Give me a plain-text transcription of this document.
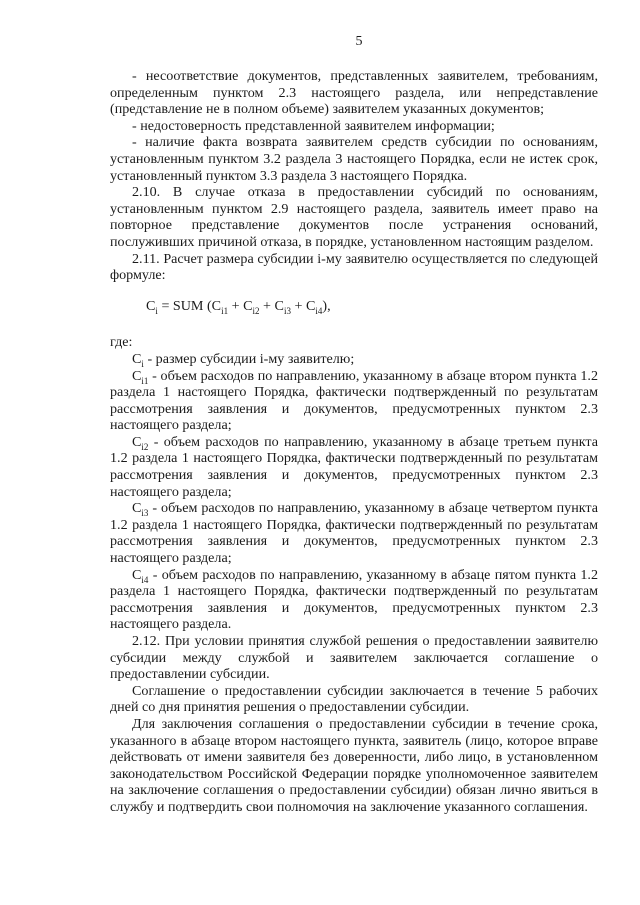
5

- несоответствие документов, представленных заявителем, требованиям, определенным пунктом 2.3 настоящего раздела, или непредставление (представление не в полном объеме) заявителем указанных документов;

- недостоверность представленной заявителем информации;

- наличие факта возврата заявителем средств субсидии по основаниям, установленным пунктом 3.2 раздела 3 настоящего Порядка, если не истек срок, установленный пунктом 3.3 раздела 3 настоящего Порядка.

2.10. В случае отказа в предоставлении субсидий по основаниям, установленным пунктом 2.9 настоящего раздела, заявитель имеет право на повторное представление документов после устранения оснований, послуживших причиной отказа, в порядке, установленном настоящим разделом.

2.11. Расчет размера субсидии i-му заявителю осуществляется по следующей формуле:

$C_i$ = SUM $(C_{i1} + C_{i2} + C_{i3} + C_{i4})$,

где:

$C_i$ - размер субсидии i-му заявителю;

$C_{i1}$ - объем расходов по направлению, указанному в абзаце втором пункта 1.2 раздела 1 настоящего Порядка, фактически подтвержденный по результатам рассмотрения заявления и документов, предусмотренных пунктом 2.3 настоящего раздела;

$C_{i2}$ - объем расходов по направлению, указанному в абзаце третьем пункта 1.2 раздела 1 настоящего Порядка, фактически подтвержденный по результатам рассмотрения заявления и документов, предусмотренных пунктом 2.3 настоящего раздела;

$C_{i3}$ - объем расходов по направлению, указанному в абзаце четвертом пункта 1.2 раздела 1 настоящего Порядка, фактически подтвержденный по результатам рассмотрения заявления и документов, предусмотренных пунктом 2.3 настоящего раздела;

$C_{i4}$ - объем расходов по направлению, указанному в абзаце пятом пункта 1.2 раздела 1 настоящего Порядка, фактически подтвержденный по результатам рассмотрения заявления и документов, предусмотренных пунктом 2.3 настоящего раздела.

2.12. При условии принятия службой решения о предоставлении заявителю субсидии между службой и заявителем заключается соглашение о предоставлении субсидии.

Соглашение о предоставлении субсидии заключается в течение 5 рабочих дней со дня принятия решения о предоставлении субсидии.

Для заключения соглашения о предоставлении субсидии в течение срока, указанного в абзаце втором настоящего пункта, заявитель (лицо, которое вправе действовать от имени заявителя без доверенности, либо лицо, в установленном законодательством Российской Федерации порядке уполномоченное заявителем на заключение соглашения о предоставлении субсидии) обязан лично явиться в службу и подтвердить свои полномочия на заключение указанного соглашения.
